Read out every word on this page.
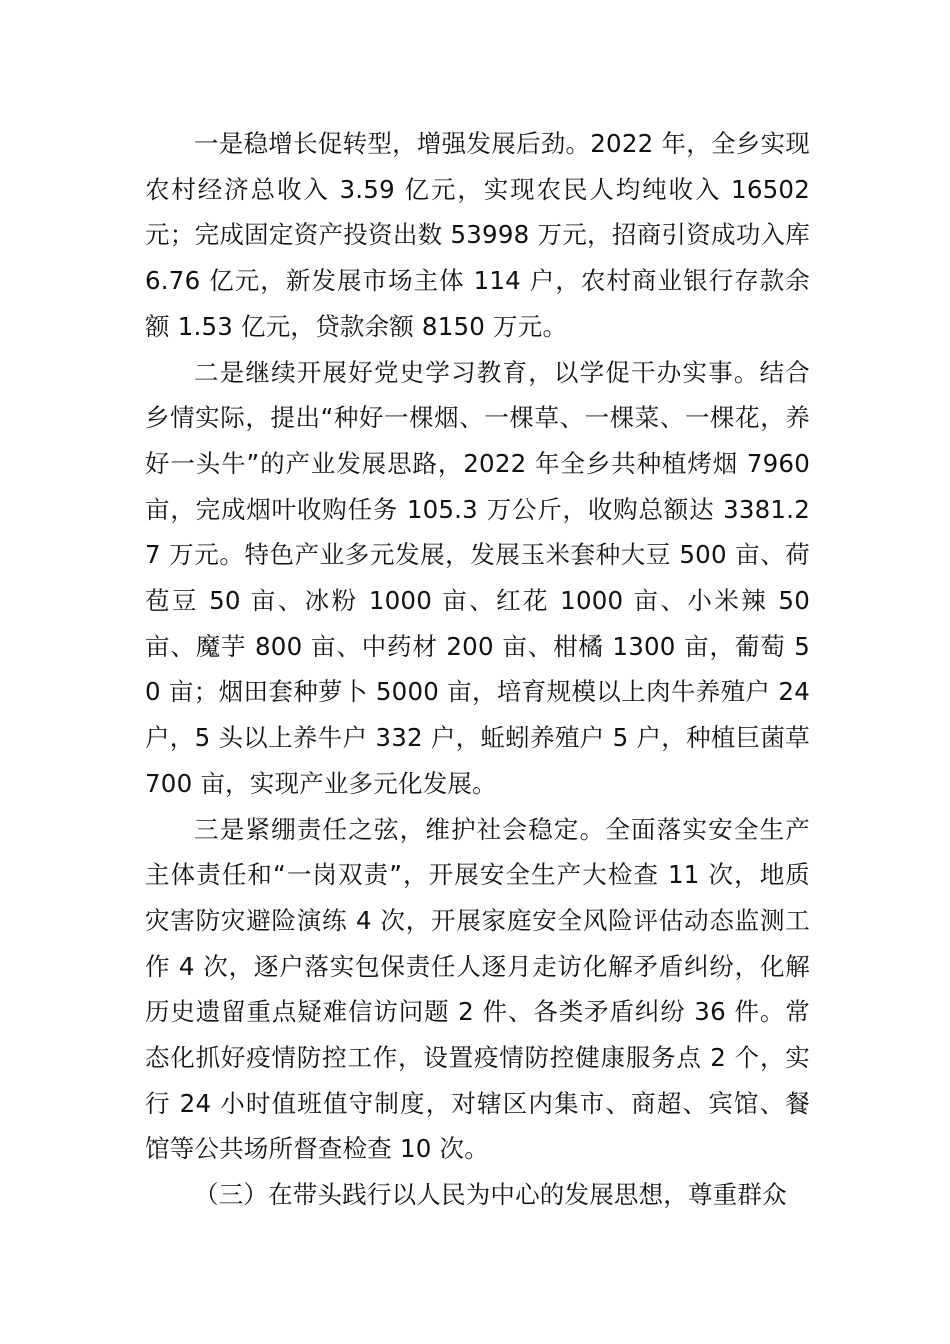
一是稳增长促转型，增强发展后劲。2022 年，全乡实现农村经济总收入 3.59 亿元，实现农民人均纯收入 16502 元；完成固定资产投资出数 53998 万元，招商引资成功入库 6.76 亿元，新发展市场主体 114 户，农村商业银行存款余额 1.53 亿元，贷款余额 8150 万元。

二是继续开展好党史学习教育，以学促干办实事。结合乡情实际，提出“种好一棵烟、一棵草、一棵菜、一棵花，养好一头牛”的产业发展思路，2022 年全乡共种植烤烟 7960 亩，完成烟叶收购任务 105.3 万公斤，收购总额达 3381.27 万元。特色产业多元发展，发展玉米套种大豆 500 亩、荷苞豆 50 亩、冰粉 1000 亩、红花 1000 亩、小米辣 50 亩、魔芋 800 亩、中药材 200 亩、柑橘 1300 亩，葡萄 50 亩；烟田套种萝卜 5000 亩，培育规模以上肉牛养殖户 24 户，5 头以上养牛户 332 户，蚯蚓养殖户 5 户，种植巨菌草 700 亩，实现产业多元化发展。

三是紧绷责任之弦，维护社会稳定。全面落实安全生产主体责任和“一岗双责”，开展安全生产大检查 11 次，地质灾害防灾避险演练 4 次，开展家庭安全风险评估动态监测工作 4 次，逐户落实包保责任人逐月走访化解矛盾纠纷，化解历史遗留重点疑难信访问题 2 件、各类矛盾纠纷 36 件。常态化抓好疫情防控工作，设置疫情防控健康服务点 2 个，实行 24 小时值班值守制度，对辖区内集市、商超、宾馆、餐馆等公共场所督查检查 10 次。

（三）在带头践行以人民为中心的发展思想，尊重群众
